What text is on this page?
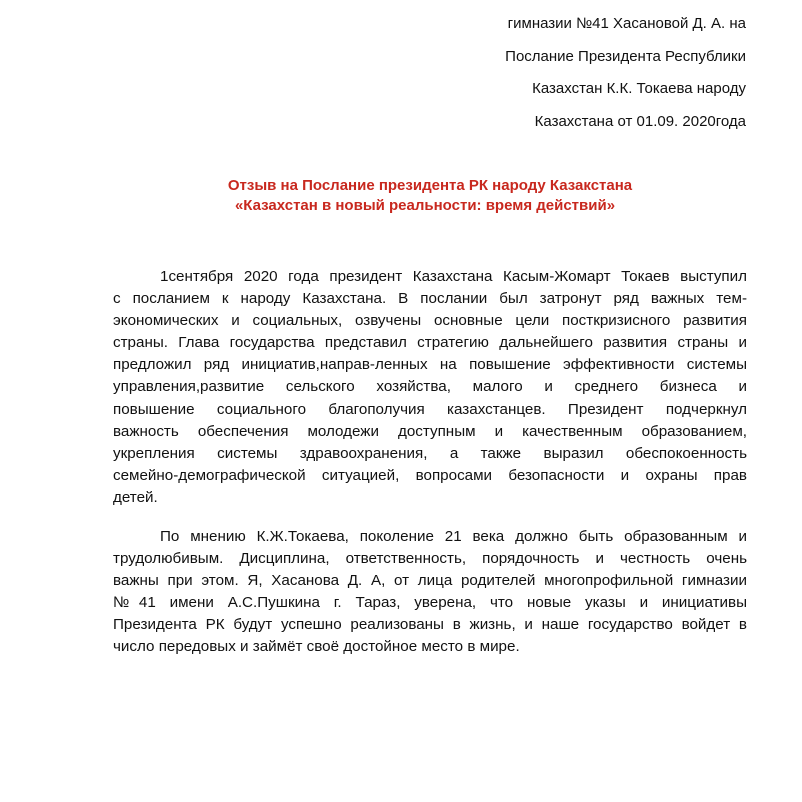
гимназии №41 Хасановой Д. А. на
Послание Президента Республики
Казахстан К.К. Токаева народу
Казахстана от 01.09. 2020года
Отзыв на Послание президента РК народу Казакстана
«Казахстан в новый реальности: время действий»
1сентября 2020 года президент Казахстана Касым-Жомарт Токаев выступил
с посланием к народу Казахстана. В послании был затронут ряд важных тем-
экономических и социальных, озвучены основные цели посткризисного развития
страны. Глава государства представил стратегию дальнейшего развития страны и
предложил ряд инициатив,направ-ленных на повышение эффективности системы
управления,развитие сельского хозяйства, малого и среднего бизнеса и
повышение социального благополучия казахстанцев. Президент подчеркнул
важность обеспечения молодежи доступным и качественным образованием,
укрепления системы здравоохранения, а также выразил обеспокоенность
семейно-демографической ситуацией, вопросами безопасности и охраны прав
детей.
По мнению К.Ж.Токаева, поколение 21 века должно быть образованным и
трудолюбивым. Дисциплина, ответственность, порядочность и честность очень
важны при этом. Я, Хасанова Д. А, от лица родителей многопрофильной гимназии
№41 имени А.С.Пушкина г. Тараз, уверена, что новые указы и инициативы
Президента РК будут успешно реализованы в жизнь, и наше государство войдет в
число передовых и займёт своё достойное место в мире.
